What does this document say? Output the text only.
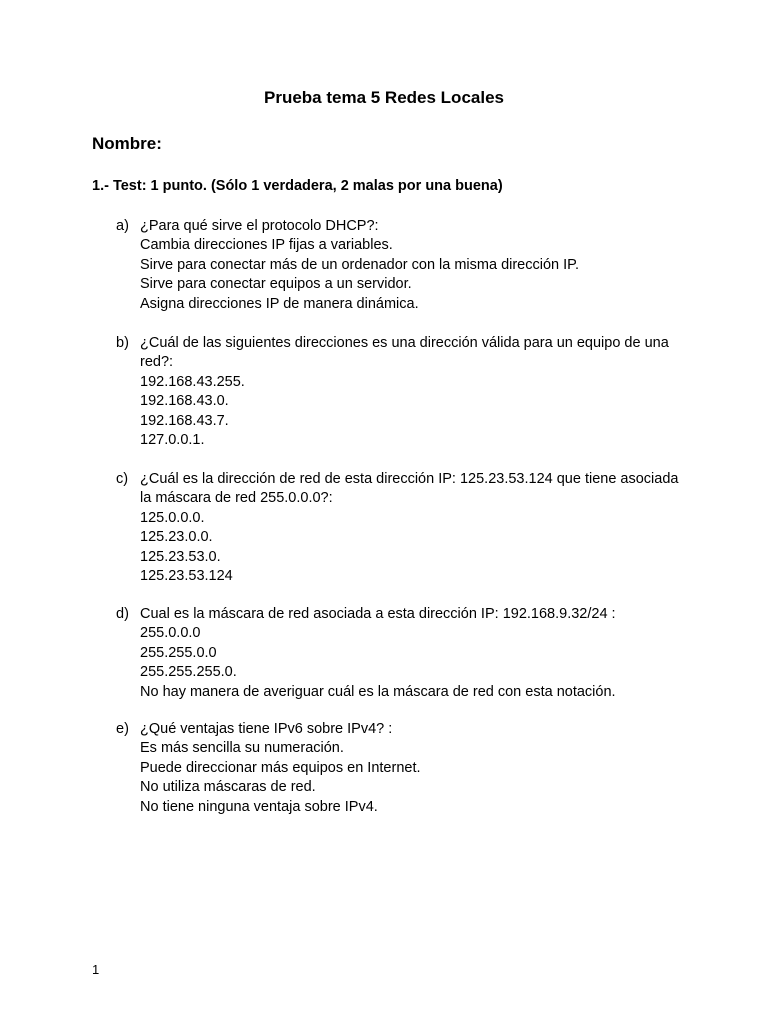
Prueba tema 5 Redes Locales
Nombre:
1.- Test: 1 punto. (Sólo 1 verdadera, 2 malas por una buena)
a) ¿Para qué sirve el protocolo DHCP?:
Cambia direcciones IP fijas a variables.
Sirve para conectar más de un ordenador con la misma dirección IP.
Sirve para conectar equipos a un servidor.
Asigna direcciones IP de manera dinámica.
b) ¿Cuál de las siguientes direcciones es una dirección válida para un equipo de una red?:
192.168.43.255.
192.168.43.0.
192.168.43.7.
127.0.0.1.
c) ¿Cuál es la dirección de red de esta dirección IP: 125.23.53.124 que tiene asociada la máscara de red 255.0.0.0?:
125.0.0.0.
125.23.0.0.
125.23.53.0.
125.23.53.124
d) Cual es la máscara de red asociada a esta dirección IP: 192.168.9.32/24 :
255.0.0.0
255.255.0.0
255.255.255.0.
No hay manera de averiguar cuál es la máscara de red con esta notación.
e) ¿Qué ventajas tiene IPv6 sobre IPv4? :
Es más sencilla su numeración.
Puede direccionar más equipos en Internet.
No utiliza máscaras de red.
No tiene ninguna ventaja sobre IPv4.
1
